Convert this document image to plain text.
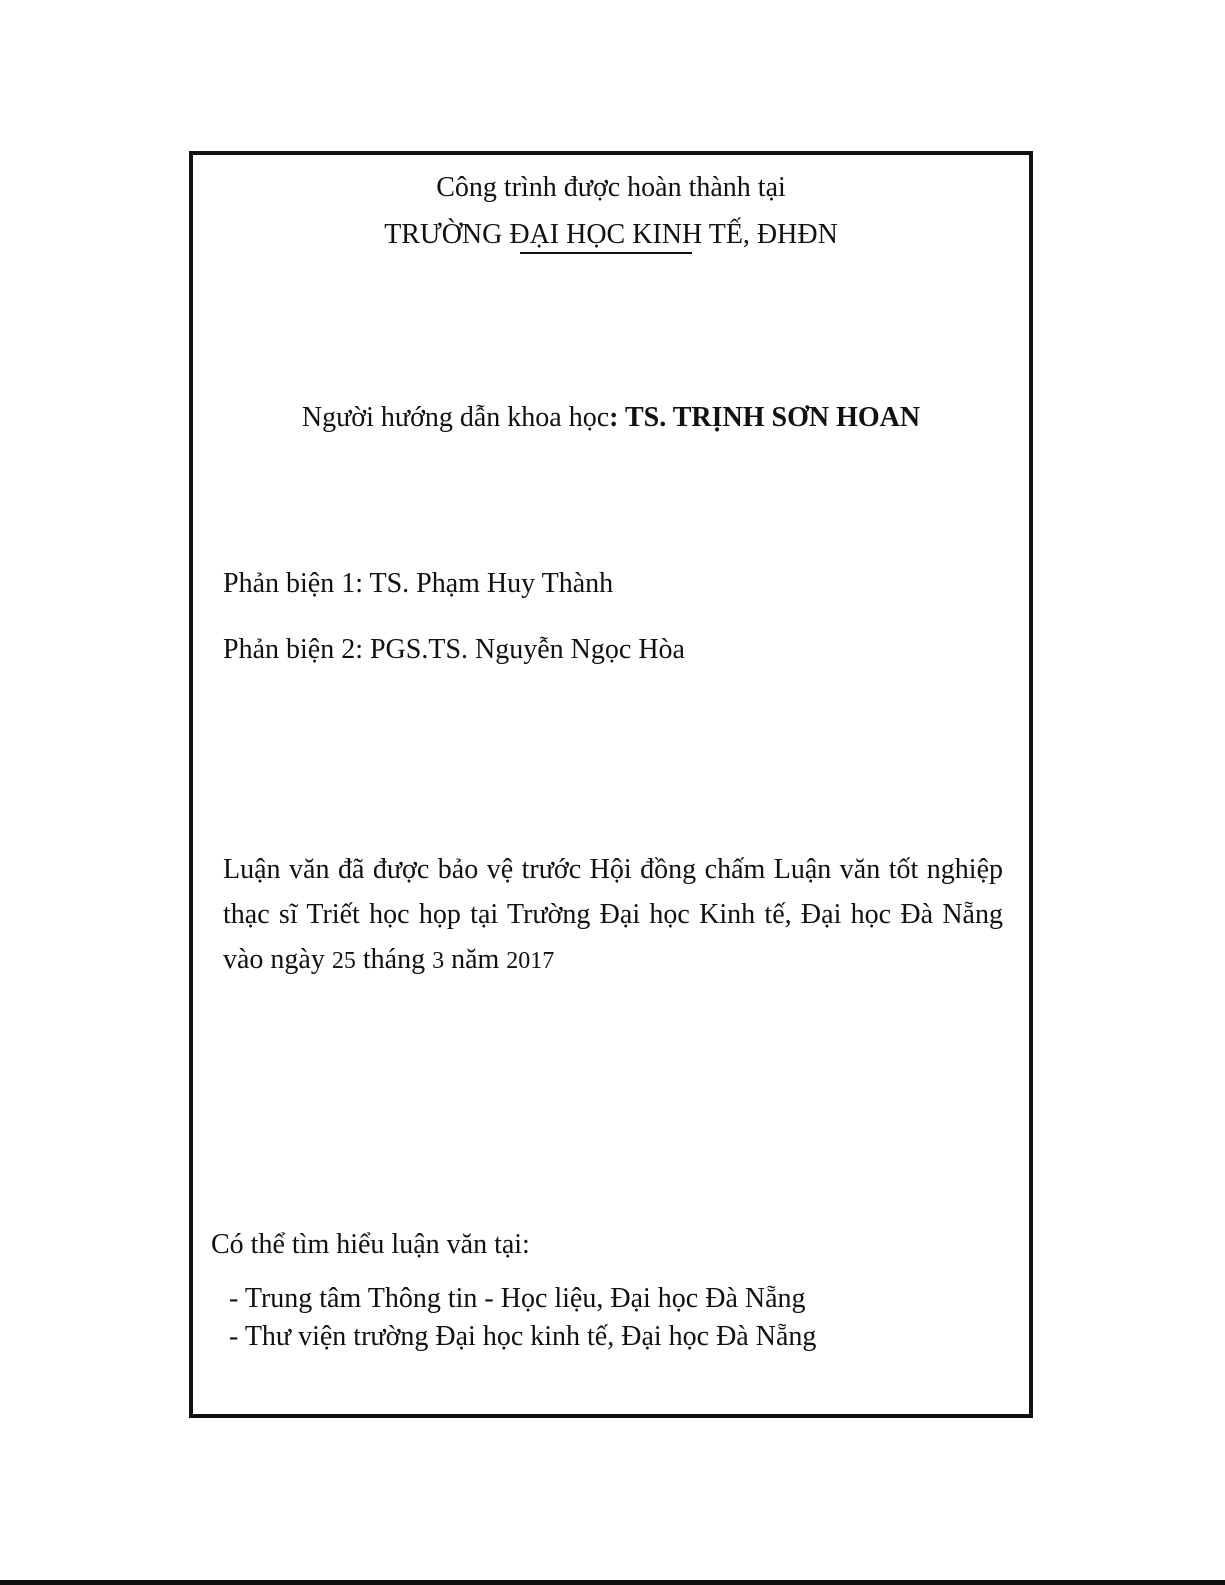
Công trình được hoàn thành tại
TRƯỜNG ĐẠI HỌC KINH TẾ, ĐHĐN
Người hướng dẫn khoa học: TS. TRỊNH SƠN HOAN
Phản biện 1: TS. Phạm Huy Thành
Phản biện 2: PGS.TS. Nguyễn Ngọc Hòa
Luận văn đã được bảo vệ trước Hội đồng chấm Luận văn tốt nghiệp thạc sĩ Triết học họp tại Trường Đại học Kinh tế, Đại học Đà Nẵng vào ngày 25 tháng 3 năm 2017
Có thể tìm hiểu luận văn tại:
- Trung tâm Thông tin - Học liệu, Đại học Đà Nẵng
- Thư viện trường Đại học kinh tế, Đại học Đà Nẵng
